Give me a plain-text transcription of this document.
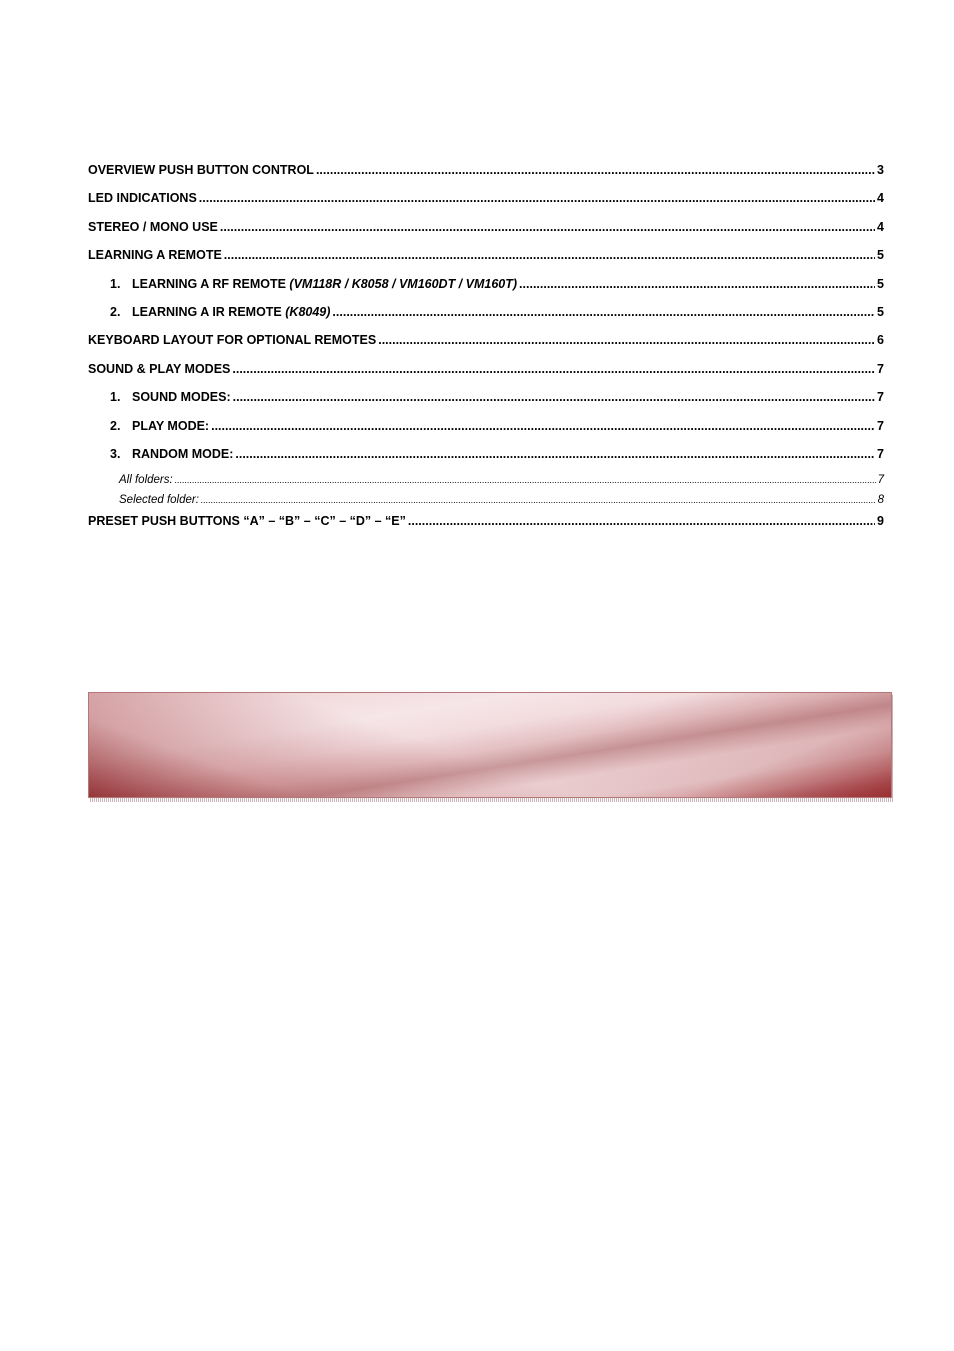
OVERVIEW PUSH BUTTON CONTROL .....	3
LED INDICATIONS .....	4
STEREO / MONO USE .....	4
LEARNING A REMOTE .....	5
1. LEARNING A RF REMOTE (VM118R / K8058 / VM160DT / VM160T) .....	5
2. LEARNING A IR REMOTE (K8049) .....	5
KEYBOARD LAYOUT FOR OPTIONAL REMOTES .....	6
SOUND & PLAY MODES .....	7
1. SOUND MODES: .....	7
2. PLAY MODE: .....	7
3. RANDOM MODE: .....	7
All folders: .....	7
Selected folder: .....	8
PRESET PUSH BUTTONS “A” – “B” – “C” – “D” – “E” .....	9
